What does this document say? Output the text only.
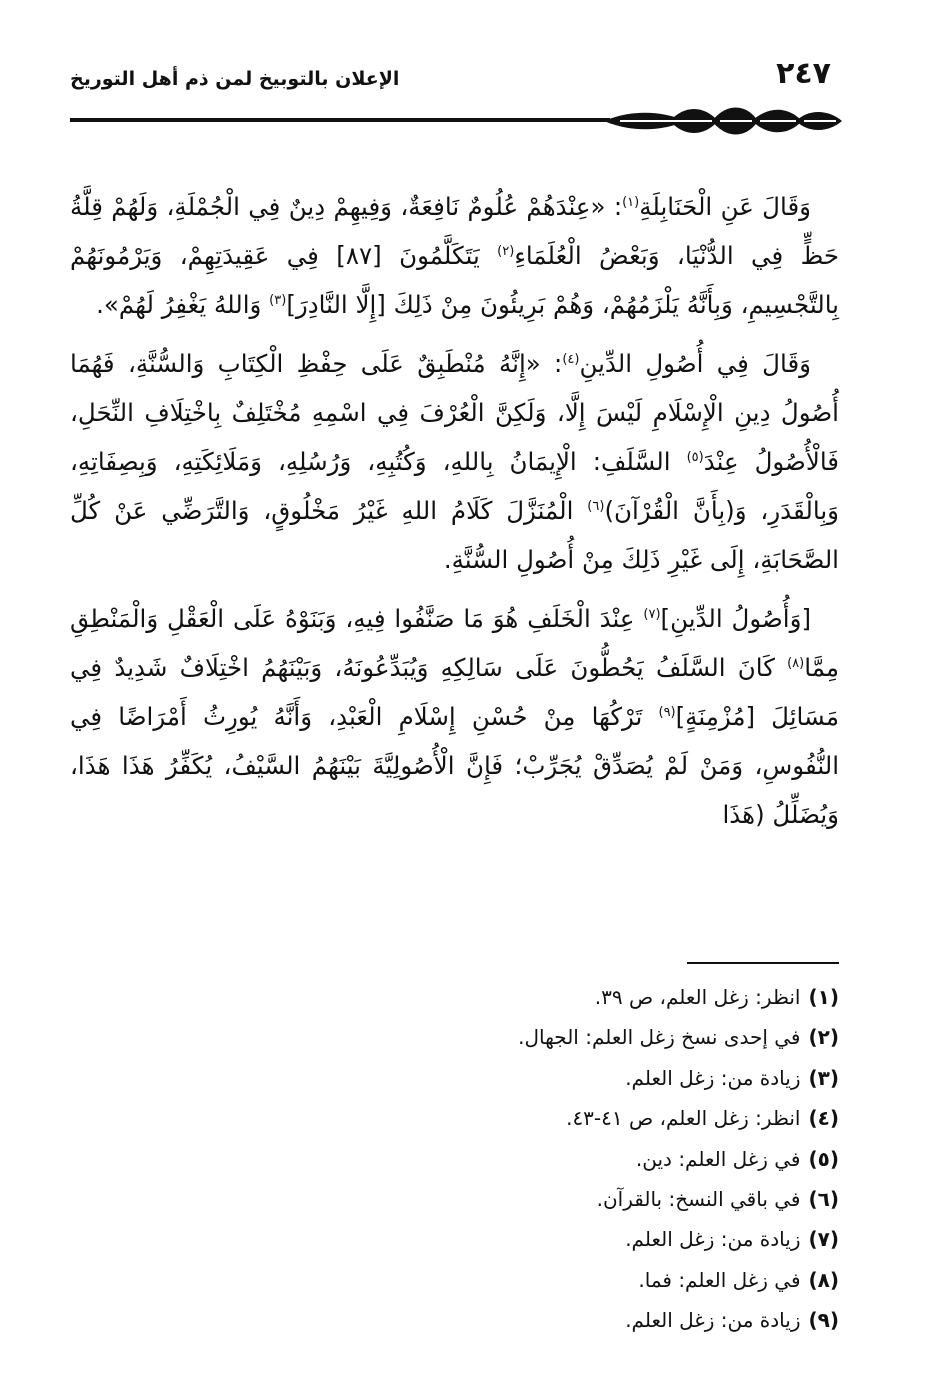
٢٤٧
الإعلان بالتوبيخ لمن ذم أهل التوريخ

وَقَالَ عَنِ الْحَنَابِلَةِ$^{(١)}$: «عِنْدَهُمْ عُلُومٌ نَافِعَةٌ، وَفِيهِمْ دِينٌ فِي الْجُمْلَةِ، وَلَهُمْ قِلَّةُ حَظٍّ فِي الدُّنْيَا، وَبَعْضُ الْعُلَمَاءِ$^{(٢)}$ يَتَكَلَّمُونَ [٨٧] فِي عَقِيدَتِهِمْ، وَيَرْمُونَهُمْ بِالتَّجْسِيمِ، وَبِأَنَّهُ يَلْزَمُهُمْ، وَهُمْ بَرِيئُونَ مِنْ ذَلِكَ [إِلَّا النَّادِرَ]$^{(٣)}$ وَاللهُ يَغْفِرُ لَهُمْ».

وَقَالَ فِي أُصُولِ الدِّينِ$^{(٤)}$: «إِنَّهُ مُنْطَبِقٌ عَلَى حِفْظِ الْكِتَابِ وَالسُّنَّةِ، فَهُمَا أُصُولُ دِينِ الْإِسْلَامِ لَيْسَ إِلَّا، وَلَكِنَّ الْعُرْفَ فِي اسْمِهِ مُخْتَلِفٌ بِاخْتِلَافِ النِّحَلِ، فَالْأُصُولُ عِنْدَ$^{(٥)}$ السَّلَفِ: الْإِيمَانُ بِاللهِ، وَكُتُبِهِ، وَرُسُلِهِ، وَمَلَائِكَتِهِ، وَبِصِفَاتِهِ، وَبِالْقَدَرِ، وَ(بِأَنَّ الْقُرْآنَ)$^{(٦)}$ الْمُنَزَّلَ كَلَامُ اللهِ غَيْرُ مَخْلُوقٍ، وَالتَّرَضِّي عَنْ كُلِّ الصَّحَابَةِ، إِلَى غَيْرِ ذَلِكَ مِنْ أُصُولِ السُّنَّةِ.

[وَأُصُولُ الدِّينِ]$^{(٧)}$ عِنْدَ الْخَلَفِ هُوَ مَا صَنَّفُوا فِيهِ، وَبَنَوْهُ عَلَى الْعَقْلِ وَالْمَنْطِقِ مِمَّا$^{(٨)}$ كَانَ السَّلَفُ يَحُطُّونَ عَلَى سَالِكِهِ وَيُبَدِّعُونَهُ، وَبَيْنَهُمُ اخْتِلَافٌ شَدِيدٌ فِي مَسَائِلَ [مُزْمِنَةٍ]$^{(٩)}$ تَرْكُهَا مِنْ حُسْنِ إِسْلَامِ الْعَبْدِ، وَأَنَّهُ يُورِثُ أَمْرَاضًا فِي النُّفُوسِ، وَمَنْ لَمْ يُصَدِّقْ يُجَرِّبْ؛ فَإِنَّ الْأُصُولِيَّةَ بَيْنَهُمُ السَّيْفُ، يُكَفِّرُ هَذَا هَذَا، وَيُضَلِّلُ (هَذَا

(١)انظر: زغل العلم، ص ٣٩.
(٢)في إحدى نسخ زغل العلم: الجهال.
(٣)زيادة من: زغل العلم.
(٤)انظر: زغل العلم، ص ٤١-٤٣.
(٥)في زغل العلم: دين.
(٦)في باقي النسخ: بالقرآن.
(٧)زيادة من: زغل العلم.
(٨)في زغل العلم: فما.
(٩)زيادة من: زغل العلم.
